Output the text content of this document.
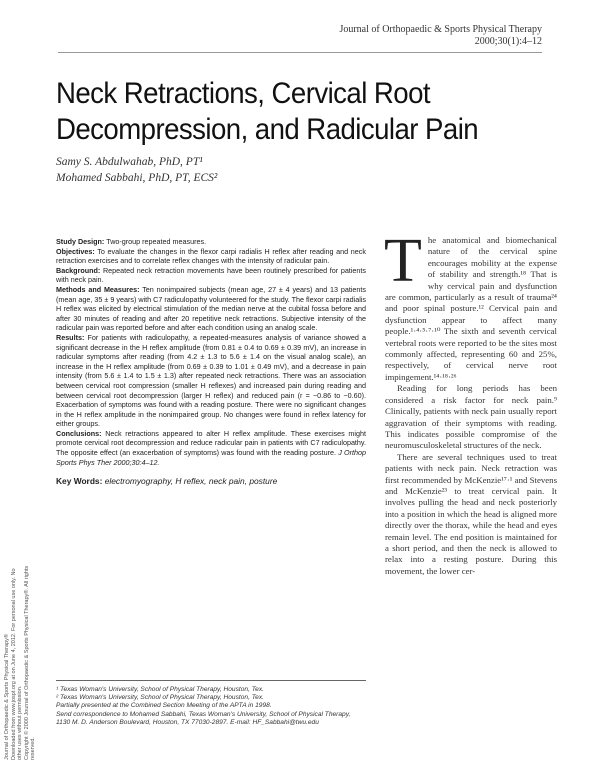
Journal of Orthopaedic & Sports Physical Therapy
2000;30(1):4–12
Neck Retractions, Cervical Root
Decompression, and Radicular Pain
Samy S. Abdulwahab, PhD, PT¹
Mohamed Sabbahi, PhD, PT, ECS²

Study Design: Two-group repeated measures.

Objectives: To evaluate the changes in the flexor carpi radialis H reflex after reading and neck retraction exercises and to correlate reflex changes with the intensity of radicular pain.

Background: Repeated neck retraction movements have been routinely prescribed for patients with neck pain.

Methods and Measures: Ten nonimpaired subjects (mean age, 27 ± 4 years) and 13 patients (mean age, 35 ± 9 years) with C7 radiculopathy volunteered for the study. The flexor carpi radialis H reflex was elicited by electrical stimulation of the median nerve at the cubital fossa before and after 30 minutes of reading and after 20 repetitive neck retractions. Subjective intensity of the radicular pain was reported before and after each condition using an analog scale.

Results: For patients with radiculopathy, a repeated-measures analysis of variance showed a significant decrease in the H reflex amplitude (from 0.81 ± 0.4 to 0.69 ± 0.39 mV), an increase in radicular symptoms after reading (from 4.2 ± 1.3 to 5.6 ± 1.4 on the visual analog scale), an increase in the H reflex amplitude (from 0.69 ± 0.39 to 1.01 ± 0.49 mV), and a decrease in pain intensity (from 5.6 ± 1.4 to 1.5 ± 1.3) after repeated neck retractions. There was an association between cervical root compression (smaller H reflexes) and increased pain during reading and between cervical root decompression (larger H reflex) and reduced pain (r = −0.86 to −0.60). Exacerbation of symptoms was found with a reading posture. There were no significant changes in the H reflex amplitude in the nonimpaired group. No changes were found in reflex latency for either groups.

Conclusions: Neck retractions appeared to alter H reflex amplitude. These exercises might promote cervical root decompression and reduce radicular pain in patients with C7 radiculopathy. The opposite effect (an exacerbation of symptoms) was found with the reading posture. J Orthop Sports Phys Ther 2000;30:4–12.

Key Words: electromyography, H reflex, neck pain, posture

Journal of Orthopaedic & Sports Physical Therapy® Downloaded from www.jospt.org at on June 4, 2012. For personal use only. No other uses without permission. Copyright © 2000 Journal of Orthopaedic & Sports Physical Therapy®. All rights reserved.
¹ Texas Woman's University, School of Physical Therapy, Houston, Tex.
² Texas Woman's University, School of Physical Therapy, Houston, Tex.
Partially presented at the Combined Section Meeting of the APTA in 1998.
Send correspondence to Mohamed Sabbahi, Texas Woman's University, School of Physical Therapy,
1130 M. D. Anderson Boulevard, Houston, TX 77030-2897. E-mail: HF_Sabbahi@twu.edu

The anatomical and biomechanical nature of the cervical spine encourages mobility at the expense of stability and strength.¹⁸ That is why cervical pain and dysfunction are common, particularly as a result of trauma²⁴ and poor spinal posture.¹² Cervical pain and dysfunction appear to affect many people.¹·⁴·⁵·⁷·¹⁰ The sixth and seventh cervical vertebral roots were reported to be the sites most commonly affected, representing 60 and 25%, respectively, of cervical nerve root impingement.¹⁴·¹⁸·²⁶

Reading for long periods has been considered a risk factor for neck pain.⁹ Clinically, patients with neck pain usually report aggravation of their symptoms with reading. This indicates possible compromise of the neuromusculoskeletal structures of the neck.

There are several techniques used to treat patients with neck pain. Neck retraction was first recommended by McKenzie¹⁷·¹ and Stevens and McKenzie²³ to treat cervical pain. It involves pulling the head and neck posteriorly into a position in which the head is aligned more directly over the thorax, while the head and eyes remain level. The end position is maintained for a short period, and then the neck is allowed to relax into a resting posture. During this movement, the lower cer-
